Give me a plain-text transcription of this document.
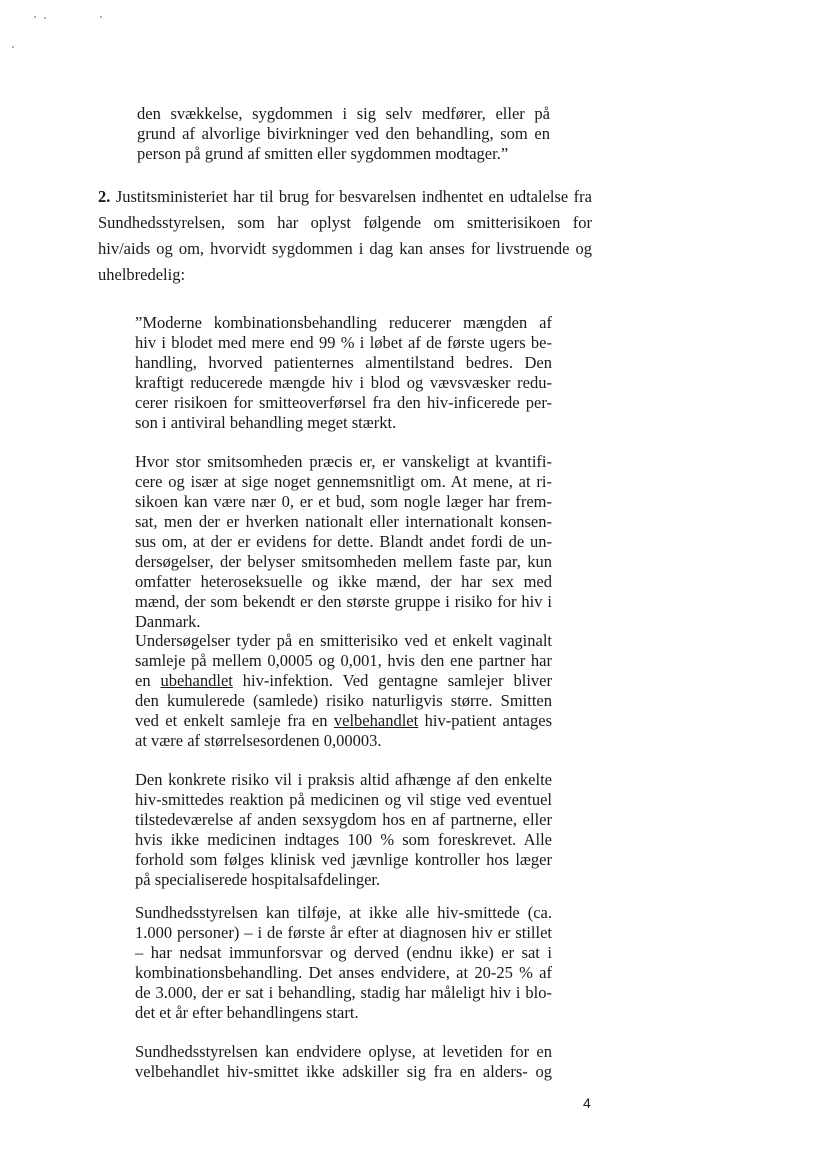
den svækkelse, sygdommen i sig selv medfører, eller på
grund af alvorlige bivirkninger ved den behandling, som en
person på grund af smitten eller sygdommen modtager.”
2. Justitsministeriet har til brug for besvarelsen indhentet en udtalelse fra
Sundhedsstyrelsen, som har oplyst følgende om smitterisikoen for
hiv/aids og om, hvorvidt sygdommen i dag kan anses for livstruende og
uhelbredelig:
”Moderne kombinationsbehandling reducerer mængden af
hiv i blodet med mere end 99 % i løbet af de første ugers be-
handling, hvorved patienternes almentilstand bedres. Den
kraftigt reducerede mængde hiv i blod og vævsvæsker redu-
cerer risikoen for smitteoverførsel fra den hiv-inficerede per-
son i antiviral behandling meget stærkt.
Hvor stor smitsomheden præcis er, er vanskeligt at kvantifi-
cere og især at sige noget gennemsnitligt om. At mene, at ri-
sikoen kan være nær 0, er et bud, som nogle læger har frem-
sat, men der er hverken nationalt eller internationalt konsen-
sus om, at der er evidens for dette. Blandt andet fordi de un-
dersøgelser, der belyser smitsomheden mellem faste par, kun
omfatter heteroseksuelle og ikke mænd, der har sex med
mænd, der som bekendt er den største gruppe i risiko for hiv i
Danmark.
Undersøgelser tyder på en smitterisiko ved et enkelt vaginalt
samleje på mellem 0,0005 og 0,001, hvis den ene partner har
en ubehandlet hiv-infektion. Ved gentagne samlejer bliver
den kumulerede (samlede) risiko naturligvis større. Smitten
ved et enkelt samleje fra en velbehandlet hiv-patient antages
at være af størrelsesordenen 0,00003.
Den konkrete risiko vil i praksis altid afhænge af den enkelte
hiv-smittedes reaktion på medicinen og vil stige ved eventuel
tilstedeværelse af anden sexsygdom hos en af partnerne, eller
hvis ikke medicinen indtages 100 % som foreskrevet. Alle
forhold som følges klinisk ved jævnlige kontroller hos læger
på specialiserede hospitalsafdelinger.
Sundhedsstyrelsen kan tilføje, at ikke alle hiv-smittede (ca.
1.000 personer) – i de første år efter at diagnosen hiv er stillet
– har nedsat immunforsvar og derved (endnu ikke) er sat i
kombinationsbehandling. Det anses endvidere, at 20-25 % af
de 3.000, der er sat i behandling, stadig har måleligt hiv i blo-
det et år efter behandlingens start.
Sundhedsstyrelsen kan endvidere oplyse, at levetiden for en
velbehandlet hiv-smittet ikke adskiller sig fra en alders- og
4
